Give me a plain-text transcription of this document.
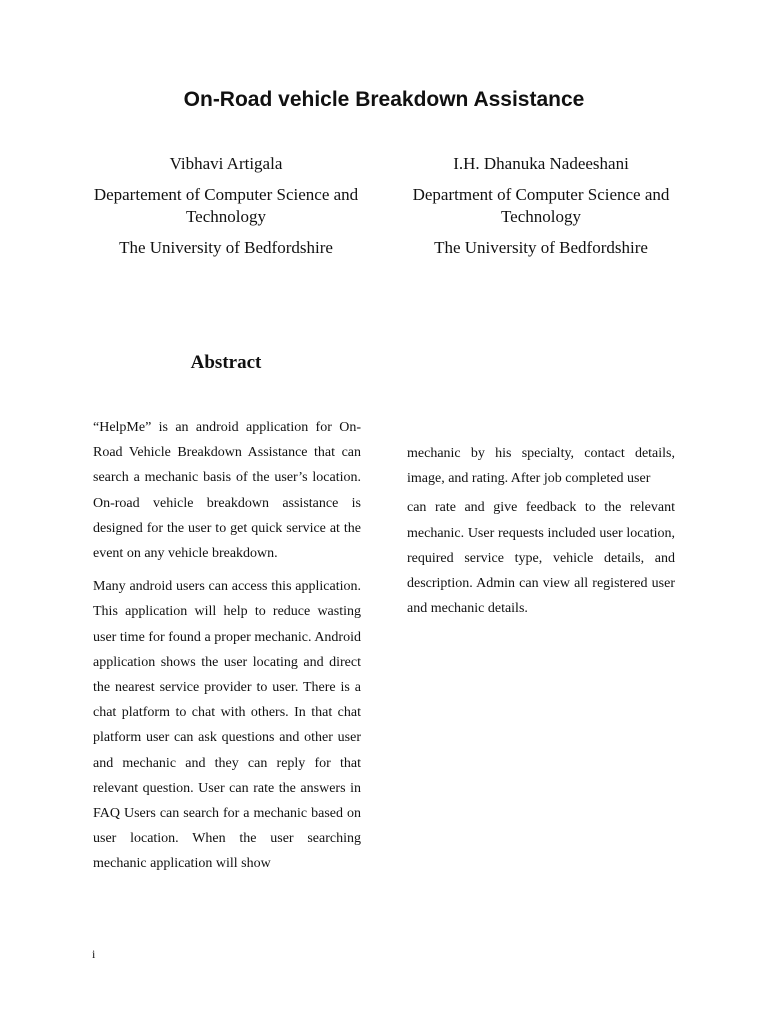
On-Road vehicle Breakdown Assistance

Vibhavi Artigala

Departement of Computer Science and Technology

The University of Bedfordshire

I.H. Dhanuka Nadeeshani

Department of Computer Science and Technology

The University of Bedfordshire

Abstract

“HelpMe” is an android application for On-Road Vehicle Breakdown Assistance that can search a mechanic basis of the user’s location. On-road vehicle breakdown assistance is designed for the user to get quick service at the event on any vehicle breakdown.

Many android users can access this application. This application will help to reduce wasting user time for found a proper mechanic. Android application shows the user locating and direct the nearest service provider to user. There is a chat platform to chat with others. In that chat platform user can ask questions and other user and mechanic and they can reply for that relevant question. User can rate the answers in FAQ Users can search for a mechanic based on user location. When the user searching mechanic application will show

mechanic by his specialty, contact details, image, and rating. After job completed user

can rate and give feedback to the relevant mechanic. User requests included user location, required service type, vehicle details, and description. Admin can view all registered user and mechanic details.

i
